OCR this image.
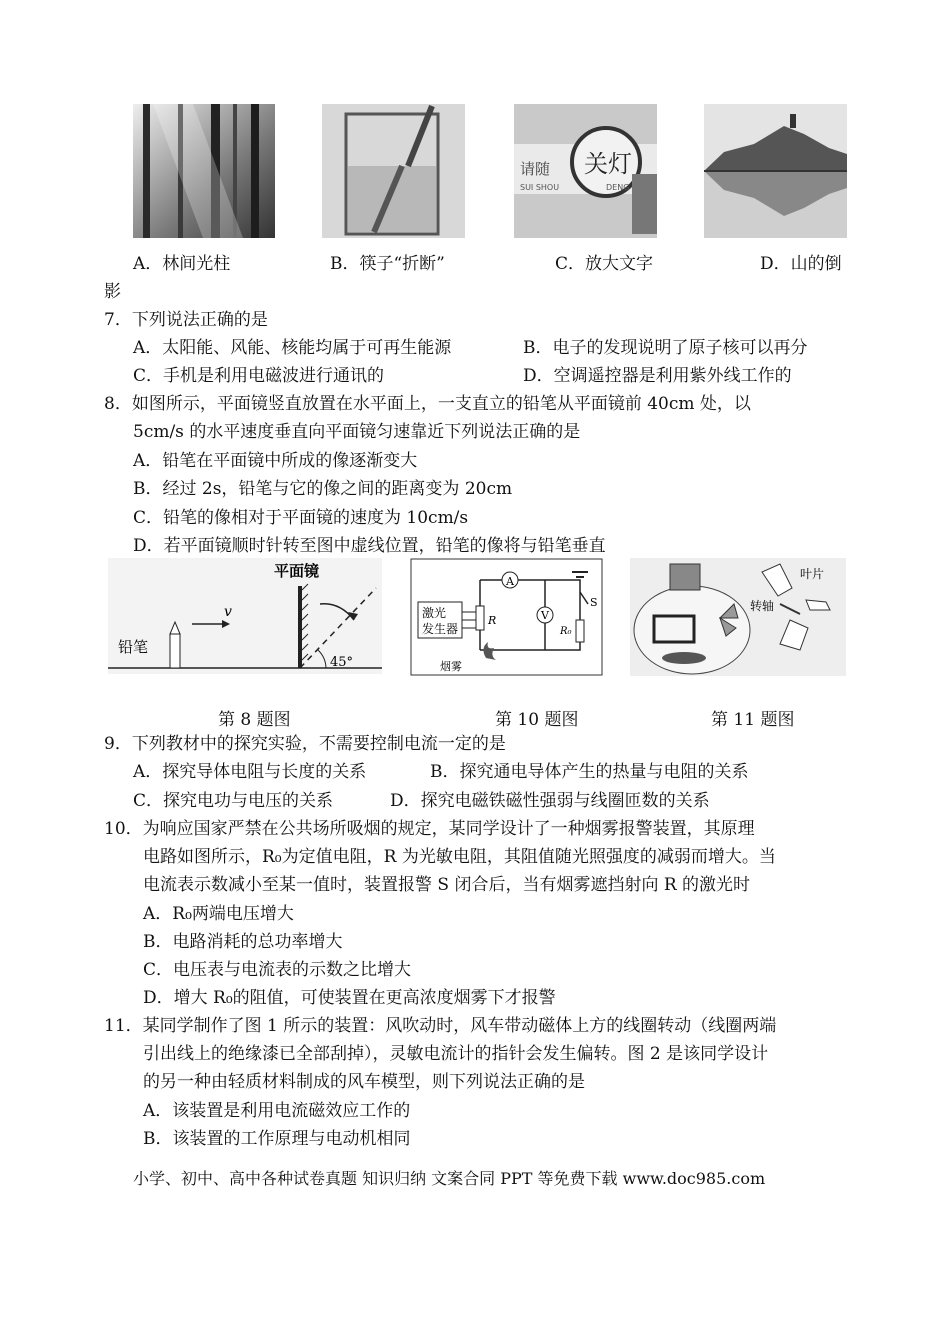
请随 关灯
SUI SHOU	DENG
A．林间光柱	B．筷子“折断”	C．放大文字	D．山的倒
影
7．下列说法正确的是
A．太阳能、风能、核能均属于可再生能源	B．电子的发现说明了原子核可以再分
C．手机是利用电磁波进行通讯的	D．空调遥控器是利用紫外线工作的
8．如图所示，平面镜竖直放置在水平面上，一支直立的铅笔从平面镜前 40cm 处，以
5cm/s 的水平速度垂直向平面镜匀速靠近下列说法正确的是
A．铅笔在平面镜中所成的像逐渐变大
B．经过 2s，铅笔与它的像之间的距离变为 20cm
C．铅笔的像相对于平面镜的速度为 10cm/s
D．若平面镜顺时针转至图中虚线位置，铅笔的像将与铅笔垂直
v
平面镜
铅笔
45°
A
V
R
R₀
S
激光
发生器
烟雾
转轴
叶片
第 8 题图	第 10 题图	第 11 题图
9．下列教材中的探究实验，不需要控制电流一定的是
A．探究导体电阻与长度的关系	B．探究通电导体产生的热量与电阻的关系
C．探究电功与电压的关系	D．探究电磁铁磁性强弱与线圈匝数的关系
10．为响应国家严禁在公共场所吸烟的规定，某同学设计了一种烟雾报警装置，其原理
电路如图所示，R₀为定值电阻，R 为光敏电阻，其阻值随光照强度的减弱而增大。当
电流表示数减小至某一值时，装置报警 S 闭合后，当有烟雾遮挡射向 R 的激光时
A．R₀两端电压增大
B．电路消耗的总功率增大
C．电压表与电流表的示数之比增大
D．增大 R₀的阻值，可使装置在更高浓度烟雾下才报警
11．某同学制作了图 1 所示的装置：风吹动时，风车带动磁体上方的线圈转动（线圈两端
引出线上的绝缘漆已全部刮掉），灵敏电流计的指针会发生偏转。图 2 是该同学设计
的另一种由轻质材料制成的风车模型，则下列说法正确的是
A．该装置是利用电流磁效应工作的
B．该装置的工作原理与电动机相同
小学、初中、高中各种试卷真题 知识归纳 文案合同 PPT 等免费下载 www.doc985.com
